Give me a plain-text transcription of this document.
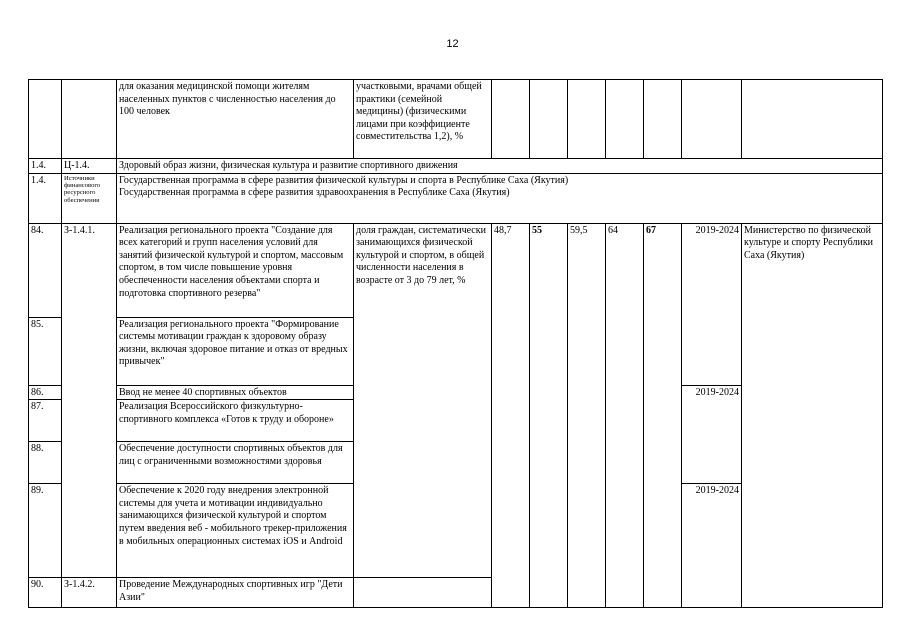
12
		для оказания медицинской помощи жителям населенных пунктов с численностью населения до 100 человек	участковыми, врачами общей практики (семейной медицины) (физическими лицами при коэффициенте совместительства 1,2), %							
1.4.	Ц-1.4.	Здоровый образ жизни, физическая культура и развитие спортивного движения								
1.4.	Источники финансового ресурсного обеспечения	Государственная программа в сфере развития физической культуры и спорта в Республике Саха (Якутия)
Государственная программа в сфере развития здравоохранения в Республике Саха (Якутия)								

84.	З-1.4.1.	Реализация регионального проекта "Создание для всех категорий и групп населения условий для занятий физической культурой и спортом, массовым спортом, в том числе повышение уровня обеспеченности населения объектами спорта и подготовка спортивного резерва"	доля граждан, систематически занимающихся физической культурой и спортом, в общей численности населения в возрасте от 3 до 79 лет, %	48,7	55	59,5	64	67	2019-2024	Министерство по физической культуре и спорту Республики Саха (Якутия)
85.		Реализация регионального проекта "Формирование системы мотивации граждан к здоровому образу жизни, включая здоровое питание и отказ от вредных привычек"								
86.		Ввод не менее 40 спортивных объектов							2019-2024	
87.		Реализация Всероссийского физкультурно-спортивного комплекса «Готов к труду и обороне»								
88.		Обеспечение доступности спортивных объектов для лиц с ограниченными возможностями здоровья								
89.		Обеспечение к 2020 году внедрения электронной системы для учета и мотивации индивидуально занимающихся физической культурой и спортом путем введения веб - мобильного трекер-приложения в мобильных операционных системах iOS и Android							2019-2024	
90.	З-1.4.2.	Проведение Международных спортивных игр "Дети Азии"								
